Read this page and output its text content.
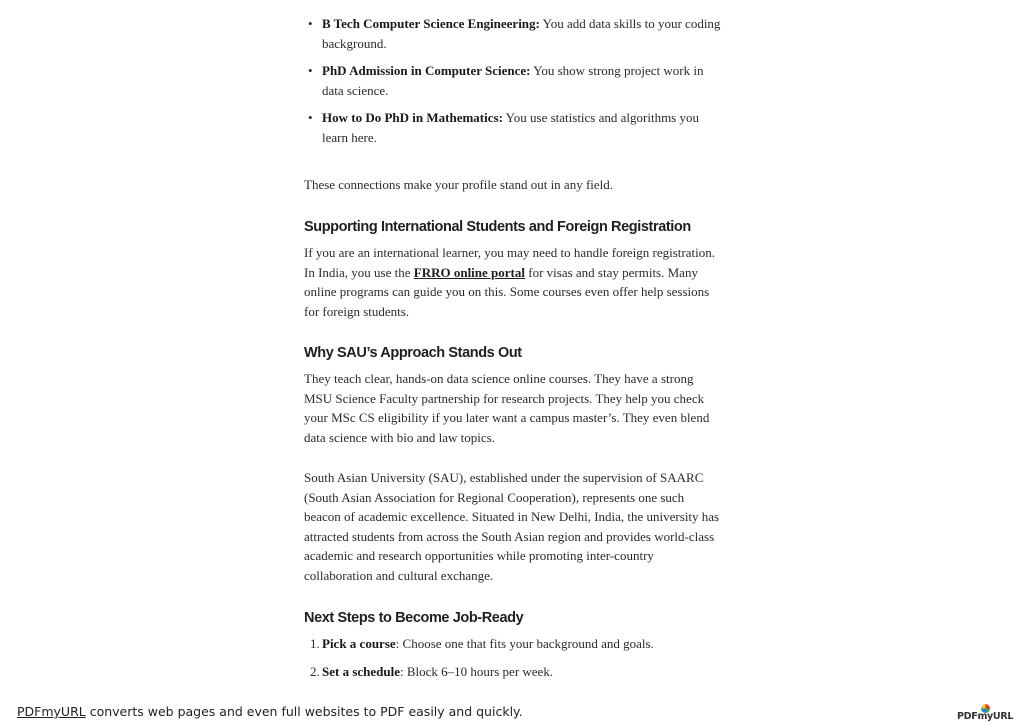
• B Tech Computer Science Engineering: You add data skills to your coding background.
• PhD Admission in Computer Science: You show strong project work in data science.
• How to Do PhD in Mathematics: You use statistics and algorithms you learn here.

These connections make your profile stand out in any field.

Supporting International Students and Foreign Registration

If you are an international learner, you may need to handle foreign registration. In India, you use the FRRO online portal for visas and stay permits. Many online programs can guide you on this. Some courses even offer help sessions for foreign students.

Why SAU’s Approach Stands Out

They teach clear, hands-on data science online courses. They have a strong MSU Science Faculty partnership for research projects. They help you check your MSc CS eligibility if you later want a campus master’s. They even blend data science with bio and law topics.

South Asian University (SAU), established under the supervision of SAARC (South Asian Association for Regional Cooperation), represents one such beacon of academic excellence. Situated in New Delhi, India, the university has attracted students from across the South Asian region and provides world-class academic and research opportunities while promoting inter-country collaboration and cultural exchange.

Next Steps to Become Job-Ready
1. Pick a course: Choose one that fits your background and goals.
2. Set a schedule: Block 6–10 hours per week.
PDFmyURL converts web pages and even full websites to PDF easily and quickly.	PDFmyURL
